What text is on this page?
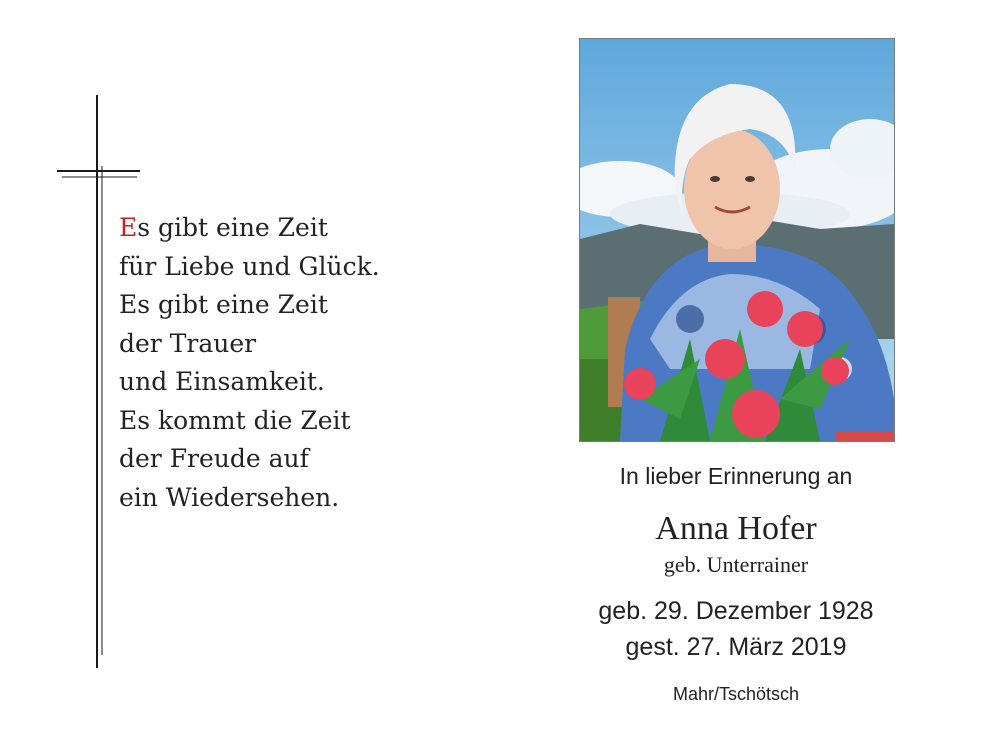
Es gibt eine Zeit
für Liebe und Glück.
Es gibt eine Zeit
der Trauer
und Einsamkeit.
Es kommt die Zeit
der Freude auf
ein Wiedersehen.
In lieber Erinnerung an
Anna Hofer
geb. Unterrainer
geb. 29. Dezember 1928
gest. 27. März 2019
Mahr/Tschötsch
